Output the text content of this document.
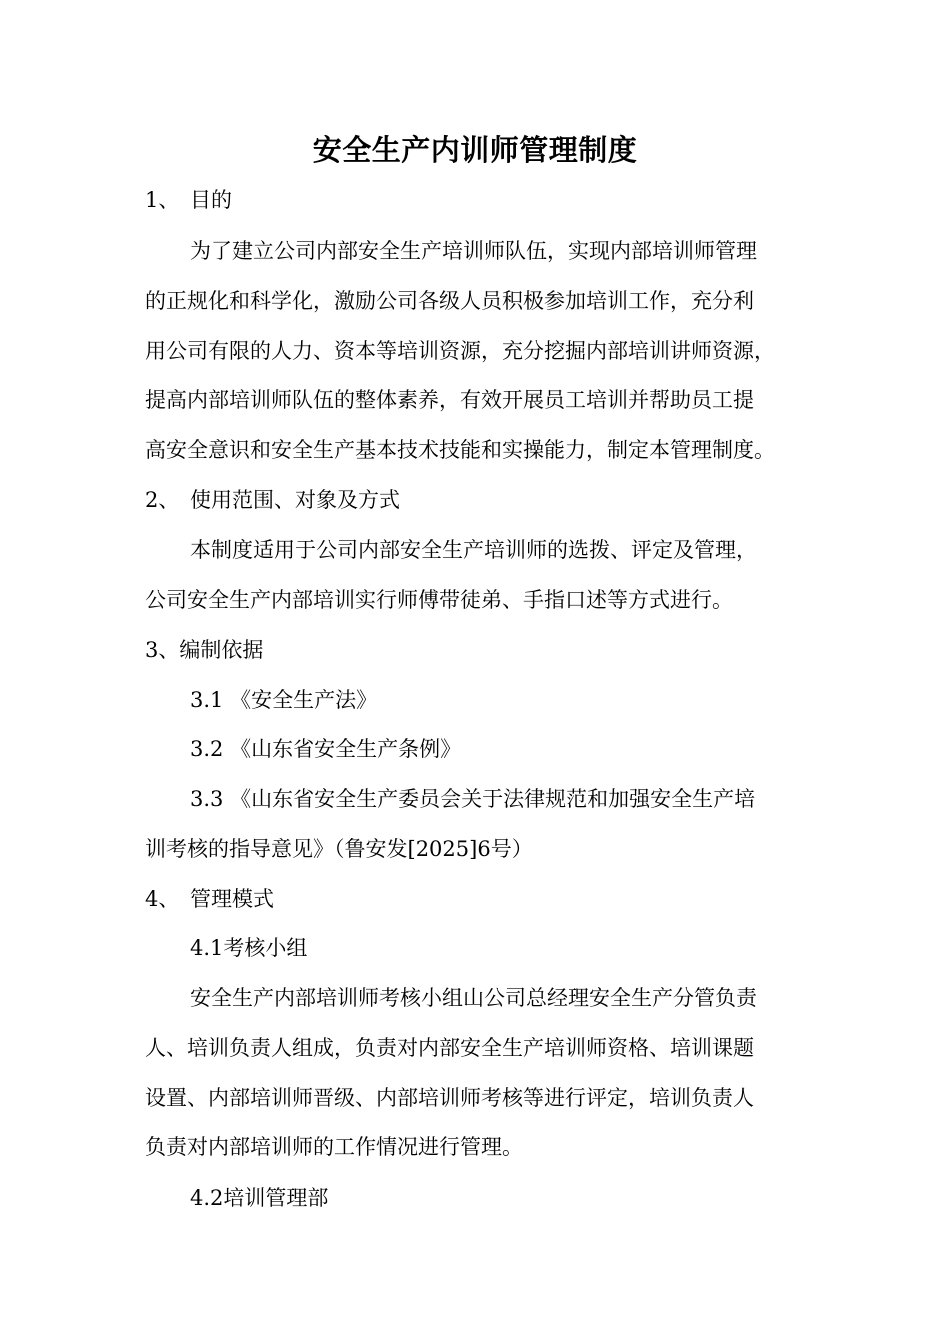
安全生产内训师管理制度
1、 目的
为了建立公司内部安全生产培训师队伍，实现内部培训师管理
的正规化和科学化，激励公司各级人员积极参加培训工作，充分利
用公司有限的人力、资本等培训资源，充分挖掘内部培训讲师资源，
提高内部培训师队伍的整体素养，有效开展员工培训并帮助员工提
高安全意识和安全生产基本技术技能和实操能力，制定本管理制度。
2、 使用范围、对象及方式
本制度适用于公司内部安全生产培训师的选拨、评定及管理，
公司安全生产内部培训实行师傅带徒弟、手指口述等方式进行。
3、编制依据
3.1 《安全生产法》
3.2 《山东省安全生产条例》
3.3 《山东省安全生产委员会关于法律规范和加强安全生产培
训考核的指导意见》（鲁安发[2025]6号）
4、 管理模式
4.1考核小组
安全生产内部培训师考核小组山公司总经理安全生产分管负责
人、培训负责人组成，负责对内部安全生产培训师资格、培训课题
设置、内部培训师晋级、内部培训师考核等进行评定，培训负责人
负责对内部培训师的工作情况进行管理。
4.2培训管理部
